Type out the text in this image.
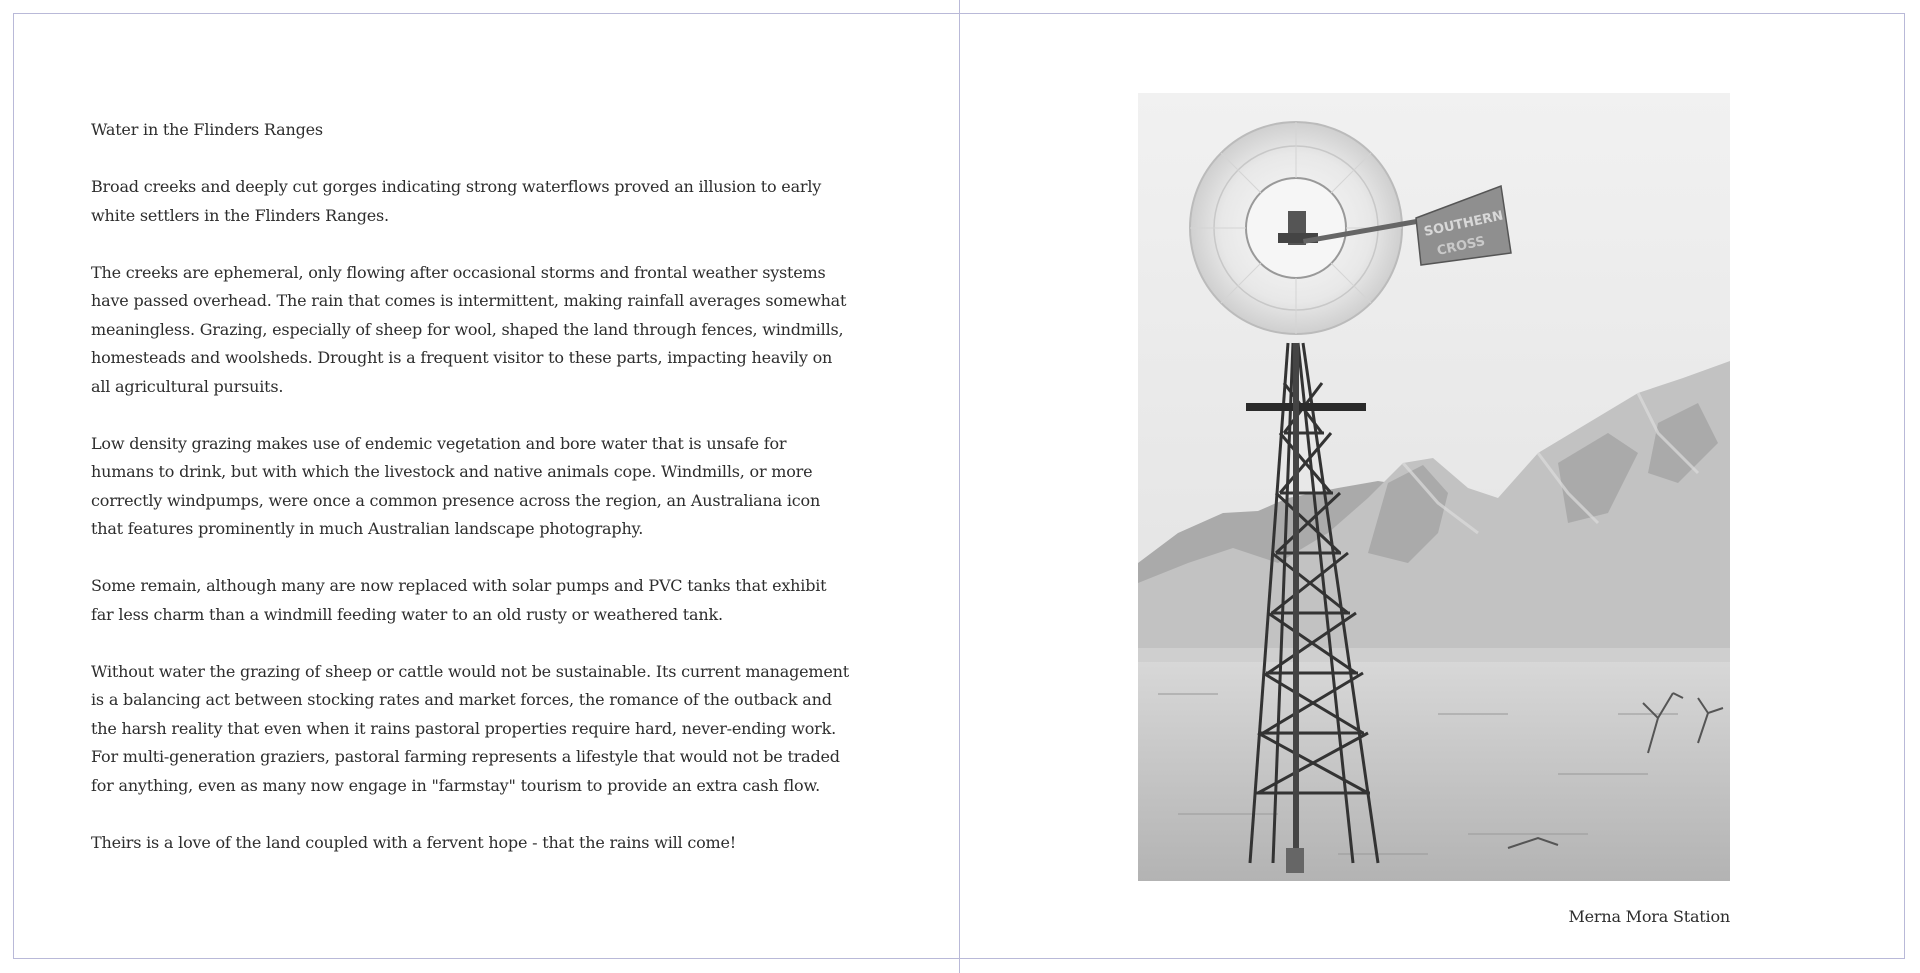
Water in the Flinders Ranges

Broad creeks and deeply cut gorges indicating strong waterflows proved an illusion to early white settlers in the Flinders Ranges.

The creeks are ephemeral, only flowing after occasional storms and frontal weather systems have passed overhead. The rain that comes is intermittent, making rainfall averages somewhat meaningless. Grazing, especially of sheep for wool, shaped the land through fences, windmills, homesteads and woolsheds. Drought is a frequent visitor to these parts, impacting heavily on all agricultural pursuits.

Low density grazing makes use of endemic vegetation and bore water that is unsafe for humans to drink, but with which the livestock and native animals cope. Windmills, or more correctly windpumps, were once a common presence across the region, an Australiana icon that features prominently in much Australian landscape photography.

Some remain, although many are now replaced with solar pumps and PVC tanks that exhibit far less charm than a windmill feeding water to an old rusty or weathered tank.

Without water the grazing of sheep or cattle would not be sustainable. Its current management is a balancing act between stocking rates and market forces, the romance of the outback and the harsh reality that even when it rains pastoral properties require hard, never-ending work. For multi-generation graziers, pastoral farming represents a lifestyle that would not be traded for anything, even as many now engage in "farmstay" tourism to provide an extra cash flow.

Theirs is a love of the land coupled with a fervent hope - that the rains will come!

SOUTHERN
CROSS
Merna Mora Station
